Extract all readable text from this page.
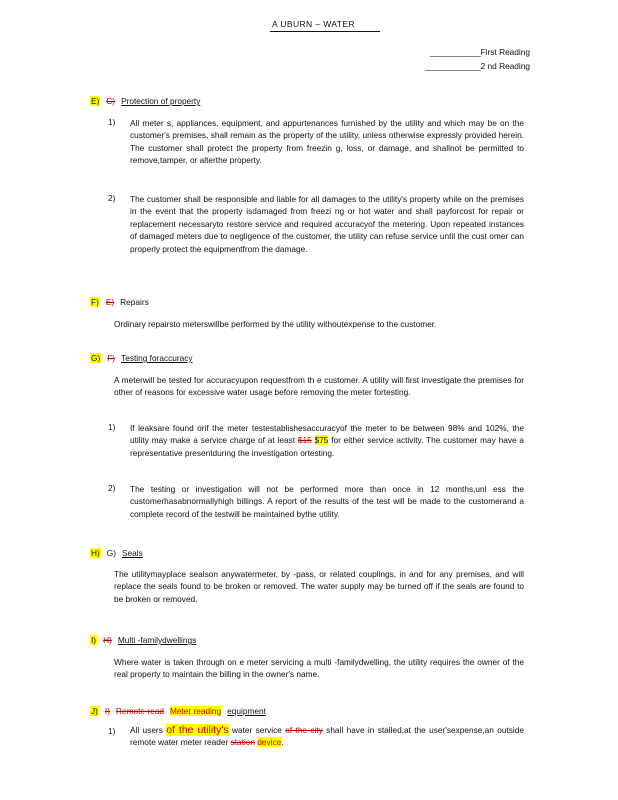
A UBURN – WATER
___________First Reading
____________2 nd Reading
E) C) Protection of property
1) All meter s, appliances, equipment, and appurtenances furnished by the utility and which may be on the customer's premises, shall remain as the property of the utility, unless otherwise expressly provided herein. The customer shall protect the property from freezin g, loss, or damage, and shallnot be permitted to remove,tamper, or alterthe property.
2) The customer shall be responsible and liable for all damages to the utility's property while on the premises in the event that the property isdamaged from freezi ng or hot water and shall payforcost for repair or replacement necessaryto restore service and required accuracyof the metering. Upon repeated instances of damaged meters due to negligence of the customer, the utility can refuse service until the cust omer can properly protect the equipmentfrom the damage.
F) E) Repairs
Ordinary repairsto meterswillbe performed by the utility withoutexpense to the customer.
G) F) Testing foraccuracy
A meterwill be tested for accuracyupon requestfrom th e customer. A utility will first investigate the premises for other of reasons for excessive water usage before removing the meter fortesting.
1) If leaksare found orif the meter testestablishesaccuracyof the meter to be between 98% and 102%, the utility may make a service charge of at least $15 $75 for either service activity. The customer may have a representative presentduring the investigation ortesting.
2) The testing or investigation will not be performed more than once in 12 months,unl ess the customerhasabnormallyhigh billings. A report of the results of the test will be made to the customerand a complete record of the testwill be maintained bythe utility.
H) G) Seals
The utilitymayplace sealson anywatermeter, by -pass, or related couplings, in and for any premises, and will replace the seals found to be broken or removed. The water supply may be turned off if the seals are found to be broken or removed.
I) H) Multi -familydwellings
Where water is taken through on e meter servicing a multi -familydwelling, the utility requires the owner of the real property to maintain the billing in the owner's name.
J) I) Remote read Meter reading equipment
1) All users of the utility's water service of the city shall have in stalled,at the user'sexpense,an outside remote water meter reader station device.
